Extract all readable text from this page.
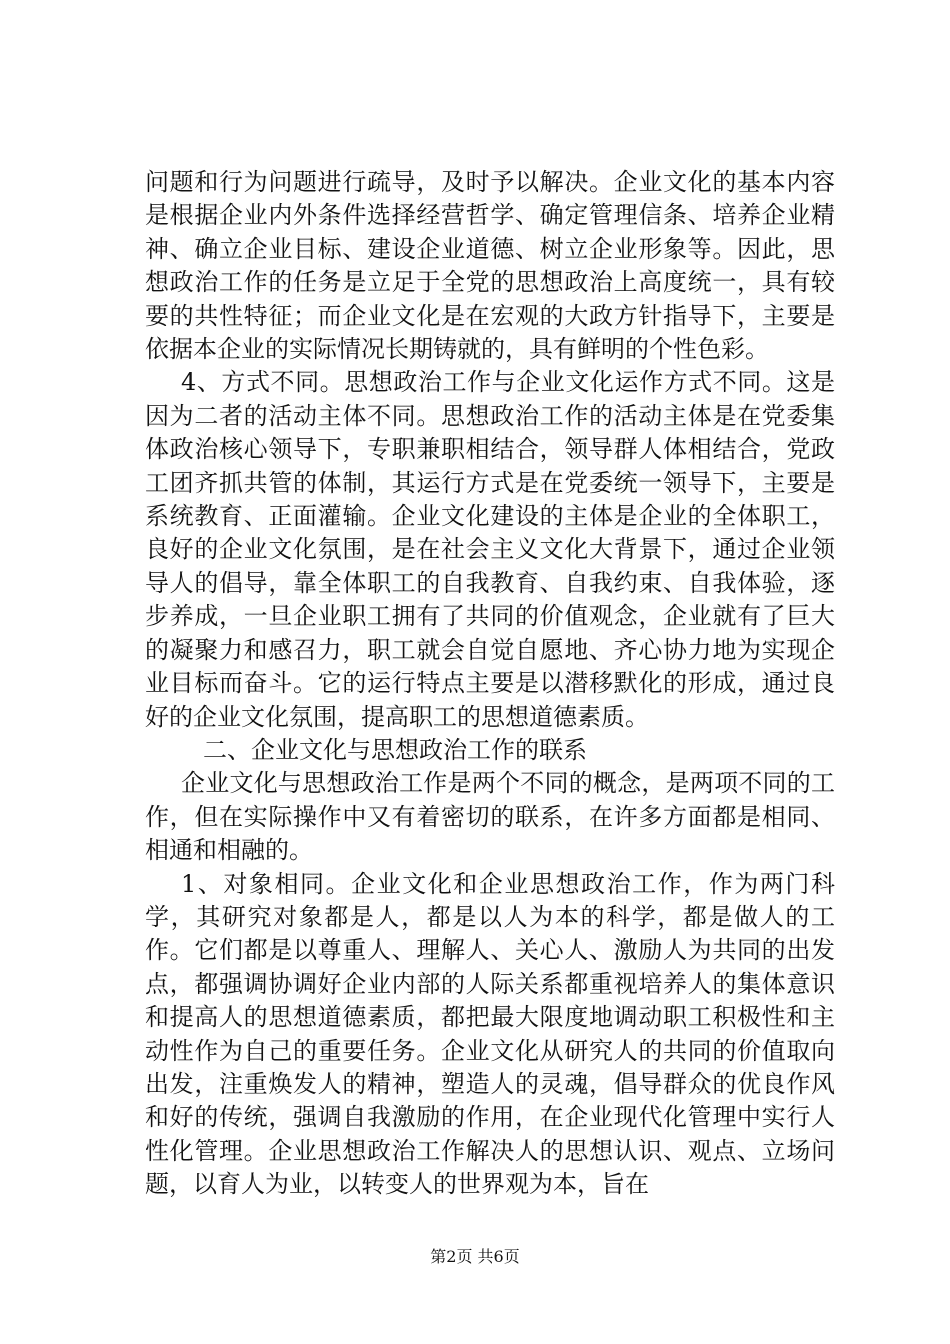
问题和行为问题进行疏导，及时予以解决。企业文化的基本内容是根据企业内外条件选择经营哲学、确定管理信条、培养企业精神、确立企业目标、建设企业道德、树立企业形象等。因此，思想政治工作的任务是立足于全党的思想政治上高度统一，具有较要的共性特征；而企业文化是在宏观的大政方针指导下，主要是依据本企业的实际情况长期铸就的，具有鲜明的个性色彩。

4、方式不同。思想政治工作与企业文化运作方式不同。这是因为二者的活动主体不同。思想政治工作的活动主体是在党委集体政治核心领导下，专职兼职相结合，领导群人体相结合，党政工团齐抓共管的体制，其运行方式是在党委统一领导下，主要是系统教育、正面灌输。企业文化建设的主体是企业的全体职工，良好的企业文化氛围，是在社会主义文化大背景下，通过企业领导人的倡导，靠全体职工的自我教育、自我约束、自我体验，逐步养成，一旦企业职工拥有了共同的价值观念，企业就有了巨大的凝聚力和感召力，职工就会自觉自愿地、齐心协力地为实现企业目标而奋斗。它的运行特点主要是以潜移默化的形成，通过良好的企业文化氛围，提高职工的思想道德素质。

二、企业文化与思想政治工作的联系

企业文化与思想政治工作是两个不同的概念，是两项不同的工作，但在实际操作中又有着密切的联系，在许多方面都是相同、相通和相融的。

1、对象相同。企业文化和企业思想政治工作，作为两门科学，其研究对象都是人，都是以人为本的科学，都是做人的工作。它们都是以尊重人、理解人、关心人、激励人为共同的出发点，都强调协调好企业内部的人际关系都重视培养人的集体意识和提高人的思想道德素质，都把最大限度地调动职工积极性和主动性作为自己的重要任务。企业文化从研究人的共同的价值取向出发，注重焕发人的精神，塑造人的灵魂，倡导群众的优良作风和好的传统，强调自我激励的作用，在企业现代化管理中实行人性化管理。企业思想政治工作解决人的思想认识、观点、立场问题，以育人为业，以转变人的世界观为本，旨在

第2页 共6页
